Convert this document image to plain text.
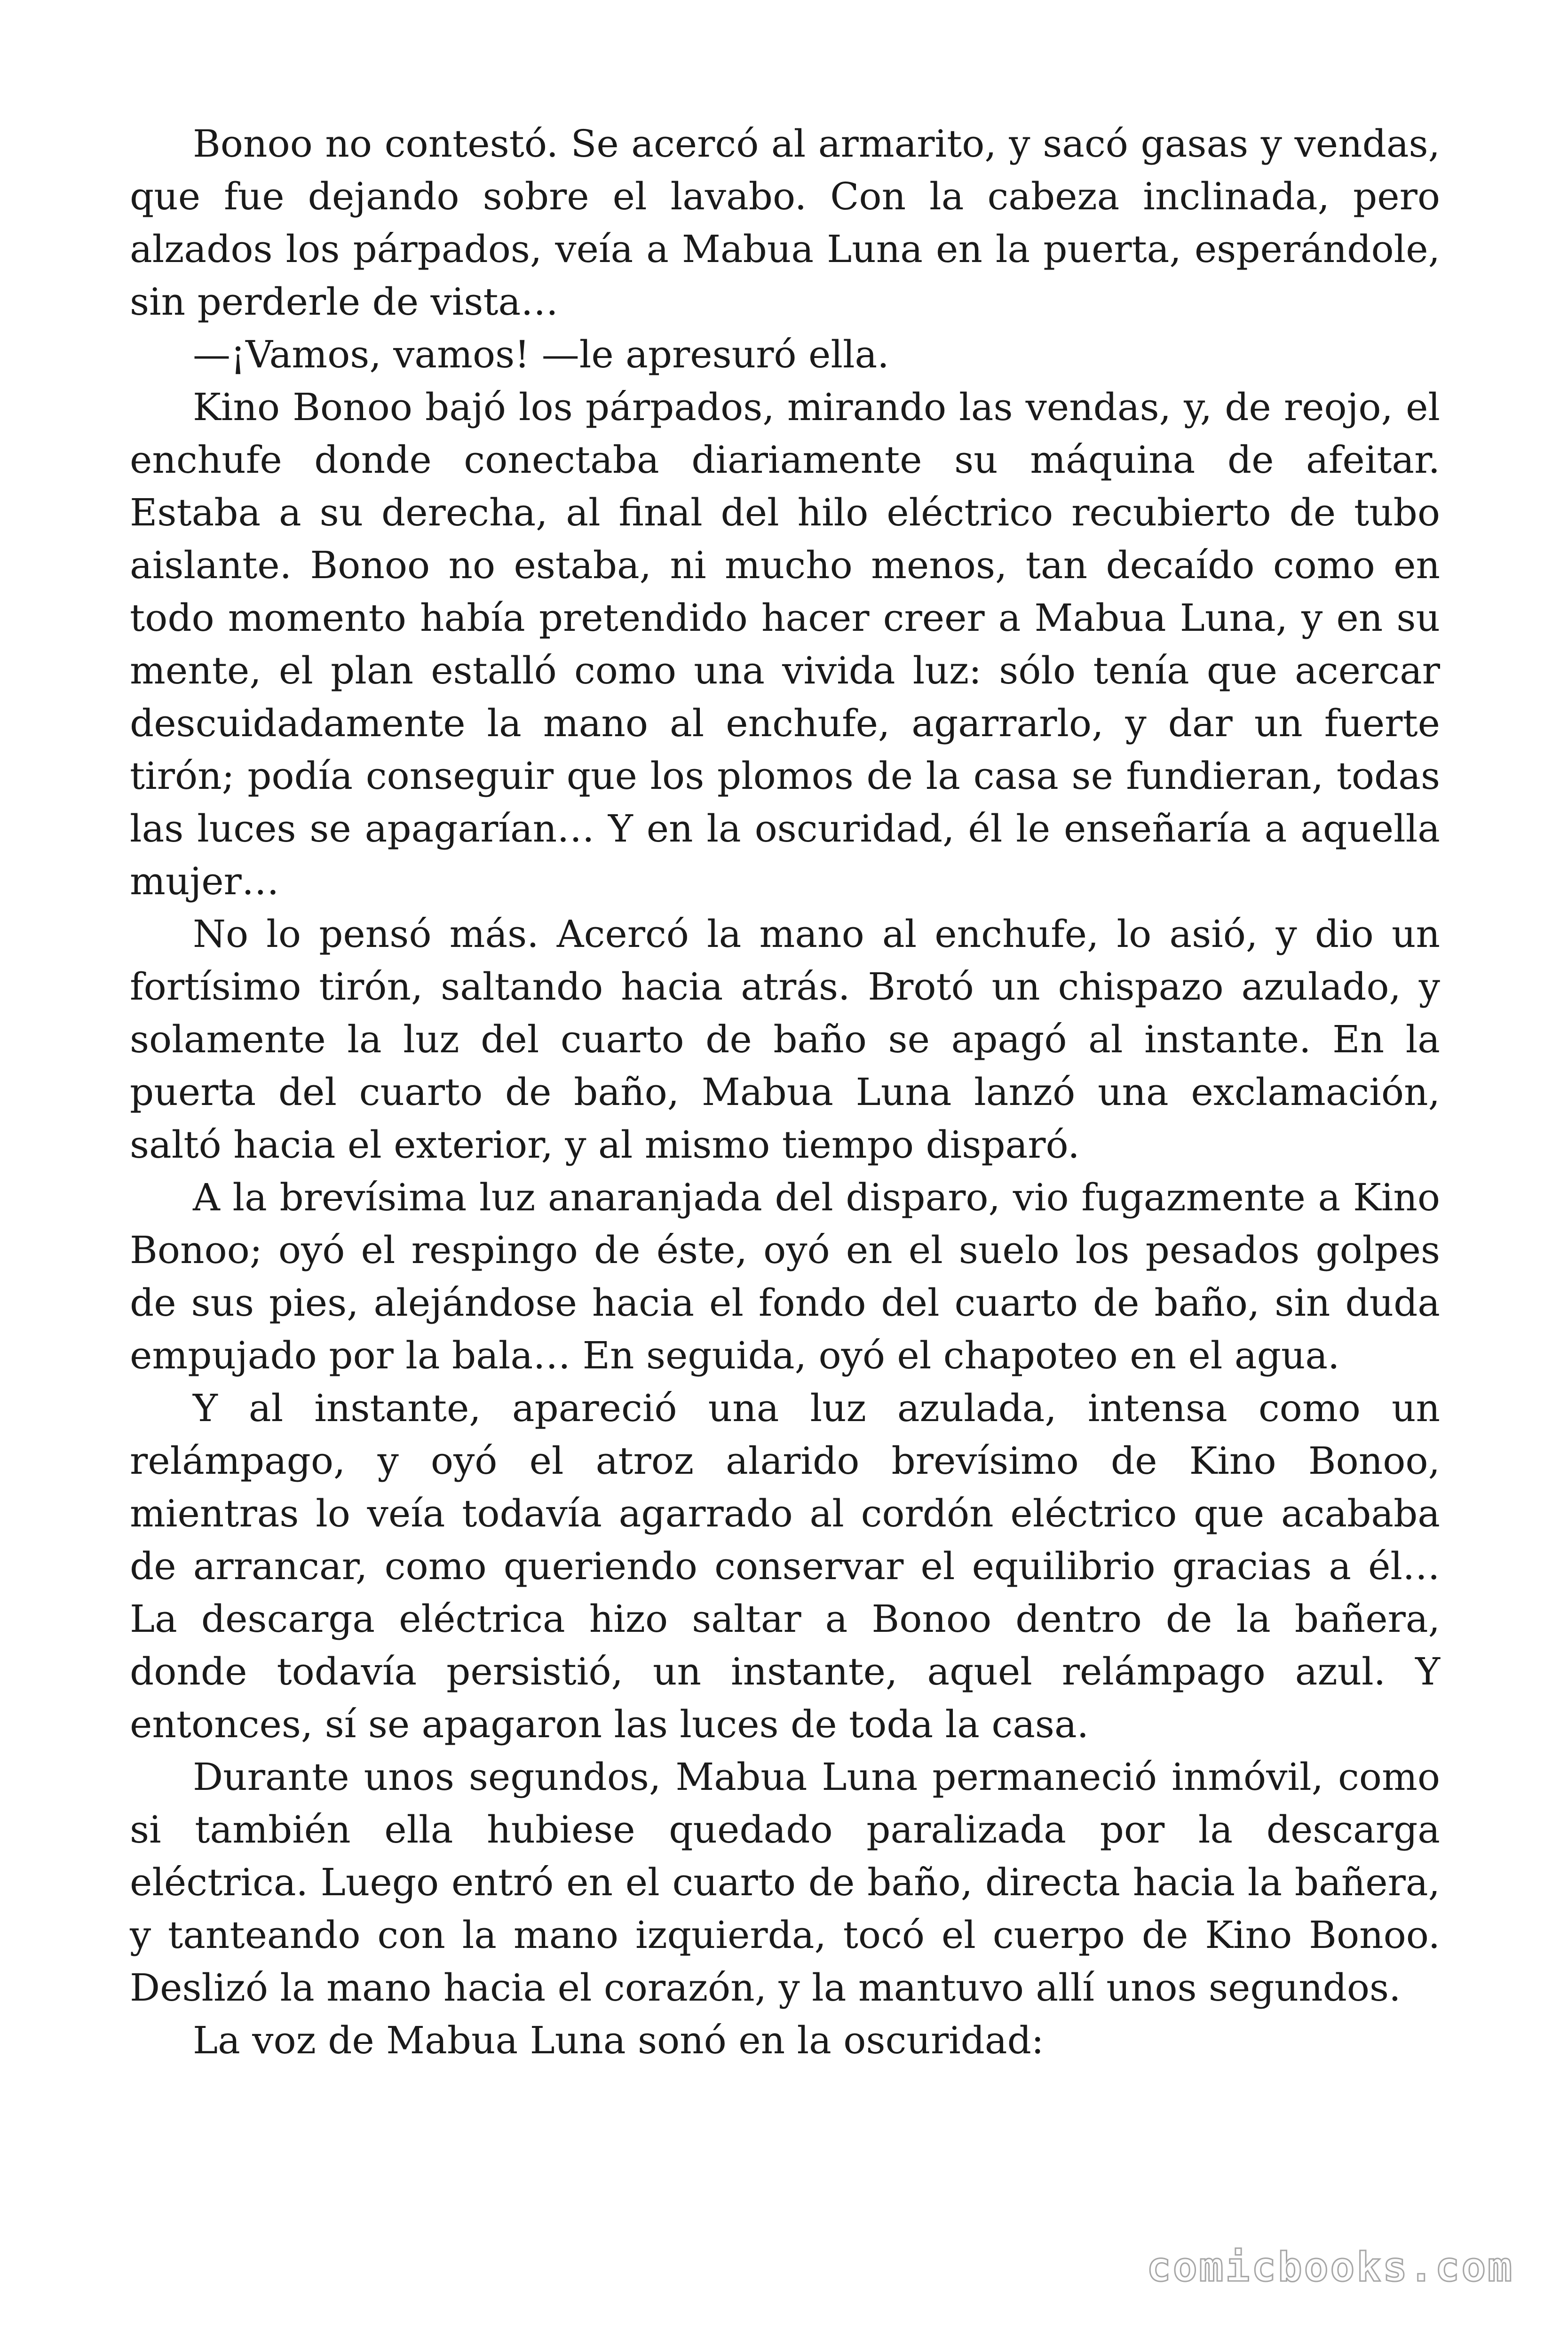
Bonoo no contestó. Se acercó al armarito, y sacó gasas y vendas, que fue dejando sobre el lavabo. Con la cabeza inclinada, pero alzados los párpados, veía a Mabua Luna en la puerta, esperándole, sin perderle de vista…

—¡Vamos, vamos! —le apresuró ella.

Kino Bonoo bajó los párpados, mirando las vendas, y, de reojo, el enchufe donde conectaba diariamente su máquina de afeitar. Estaba a su derecha, al final del hilo eléctrico recubierto de tubo aislante. Bonoo no estaba, ni mucho menos, tan decaído como en todo momento había pretendido hacer creer a Mabua Luna, y en su mente, el plan estalló como una vivida luz: sólo tenía que acercar descuidadamente la mano al enchufe, agarrarlo, y dar un fuerte tirón; podía conseguir que los plomos de la casa se fundieran, todas las luces se apagarían… Y en la oscuridad, él le enseñaría a aquella mujer…

No lo pensó más. Acercó la mano al enchufe, lo asió, y dio un fortísimo tirón, saltando hacia atrás. Brotó un chispazo azulado, y solamente la luz del cuarto de baño se apagó al instante. En la puerta del cuarto de baño, Mabua Luna lanzó una exclamación, saltó hacia el exterior, y al mismo tiempo disparó.

A la brevísima luz anaranjada del disparo, vio fugazmente a Kino Bonoo; oyó el respingo de éste, oyó en el suelo los pesados golpes de sus pies, alejándose hacia el fondo del cuarto de baño, sin duda empujado por la bala… En seguida, oyó el chapoteo en el agua.

Y al instante, apareció una luz azulada, intensa como un relámpago, y oyó el atroz alarido brevísimo de Kino Bonoo, mientras lo veía todavía agarrado al cordón eléctrico que acababa de arrancar, como queriendo conservar el equilibrio gracias a él… La descarga eléctrica hizo saltar a Bonoo dentro de la bañera, donde todavía persistió, un instante, aquel relámpago azul. Y entonces, sí se apagaron las luces de toda la casa.

Durante unos segundos, Mabua Luna permaneció inmóvil, como si también ella hubiese quedado paralizada por la descarga eléctrica. Luego entró en el cuarto de baño, directa hacia la bañera, y tanteando con la mano izquierda, tocó el cuerpo de Kino Bonoo. Deslizó la mano hacia el corazón, y la mantuvo allí unos segundos.

La voz de Mabua Luna sonó en la oscuridad:

comicbooks.com
